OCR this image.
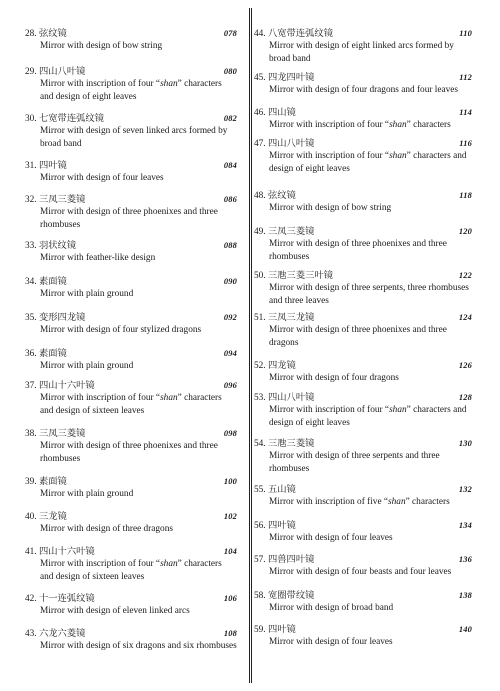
28. 弦纹镜	078
Mirror with design of bow string
29. 四山八叶镜	080
Mirror with inscription of four “shan” characters and design of eight leaves
30. 七宽带连弧纹镜	082
Mirror with design of seven linked arcs formed by broad band
31. 四叶镜	084
Mirror with design of four leaves
32. 三凤三菱镜	086
Mirror with design of three phoenixes and three rhombuses
33. 羽状纹镜	088
Mirror with feather-like design
34. 素面镜	090
Mirror with plain ground
35. 变形四龙镜	092
Mirror with design of four stylized dragons
36. 素面镜	094
Mirror with plain ground
37. 四山十六叶镜	096
Mirror with inscription of four “shan” characters and design of sixteen leaves
38. 三凤三菱镜	098
Mirror with design of three phoenixes and three rhombuses
39. 素面镜	100
Mirror with plain ground
40. 三龙镜	102
Mirror with design of three dragons
41. 四山十六叶镜	104
Mirror with inscription of four “shan” characters and design of sixteen leaves
42. 十一连弧纹镜	106
Mirror with design of eleven linked arcs
43. 六龙六菱镜	108
Mirror with design of six dragons and six rhombuses
44. 八宽带连弧纹镜	110
Mirror with design of eight linked arcs formed by broad band
45. 四龙四叶镜	112
Mirror with design of four dragons and four leaves
46. 四山镜	114
Mirror with inscription of four “shan” characters
47. 四山八叶镜	116
Mirror with inscription of four “shan” characters and design of eight leaves
48. 弦纹镜	118
Mirror with design of bow string
49. 三凤三菱镜	120
Mirror with design of three phoenixes and three rhombuses
50. 三虺三菱三叶镜	122
Mirror with design of three serpents, three rhombuses and three leaves
51. 三凤三龙镜	124
Mirror with design of three phoenixes and three dragons
52. 四龙镜	126
Mirror with design of four dragons
53. 四山八叶镜	128
Mirror with inscription of four “shan” characters and design of eight leaves
54. 三虺三菱镜	130
Mirror with design of three serpents and three rhombuses
55. 五山镜	132
Mirror with inscription of five “shan” characters
56. 四叶镜	134
Mirror with design of four leaves
57. 四兽四叶镜	136
Mirror with design of four beasts and four leaves
58. 宽圈带纹镜	138
Mirror with design of broad band
59. 四叶镜	140
Mirror with design of four leaves
